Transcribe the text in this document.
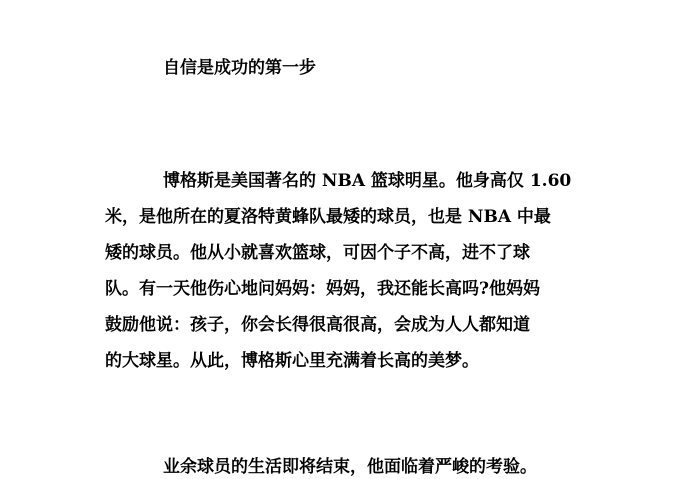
自信是成功的第一步
博格斯是美国著名的 NBA 篮球明星。他身高仅 1.60
米，是他所在的夏洛特黄蜂队最矮的球员，也是 NBA 中最
矮的球员。他从小就喜欢篮球，可因个子不高，进不了球
队。有一天他伤心地问妈妈：妈妈，我还能长高吗?他妈妈
鼓励他说：孩子，你会长得很高很高，会成为人人都知道
的大球星。从此，博格斯心里充满着长高的美梦。
业余球员的生活即将结束，他面临着严峻的考验。
